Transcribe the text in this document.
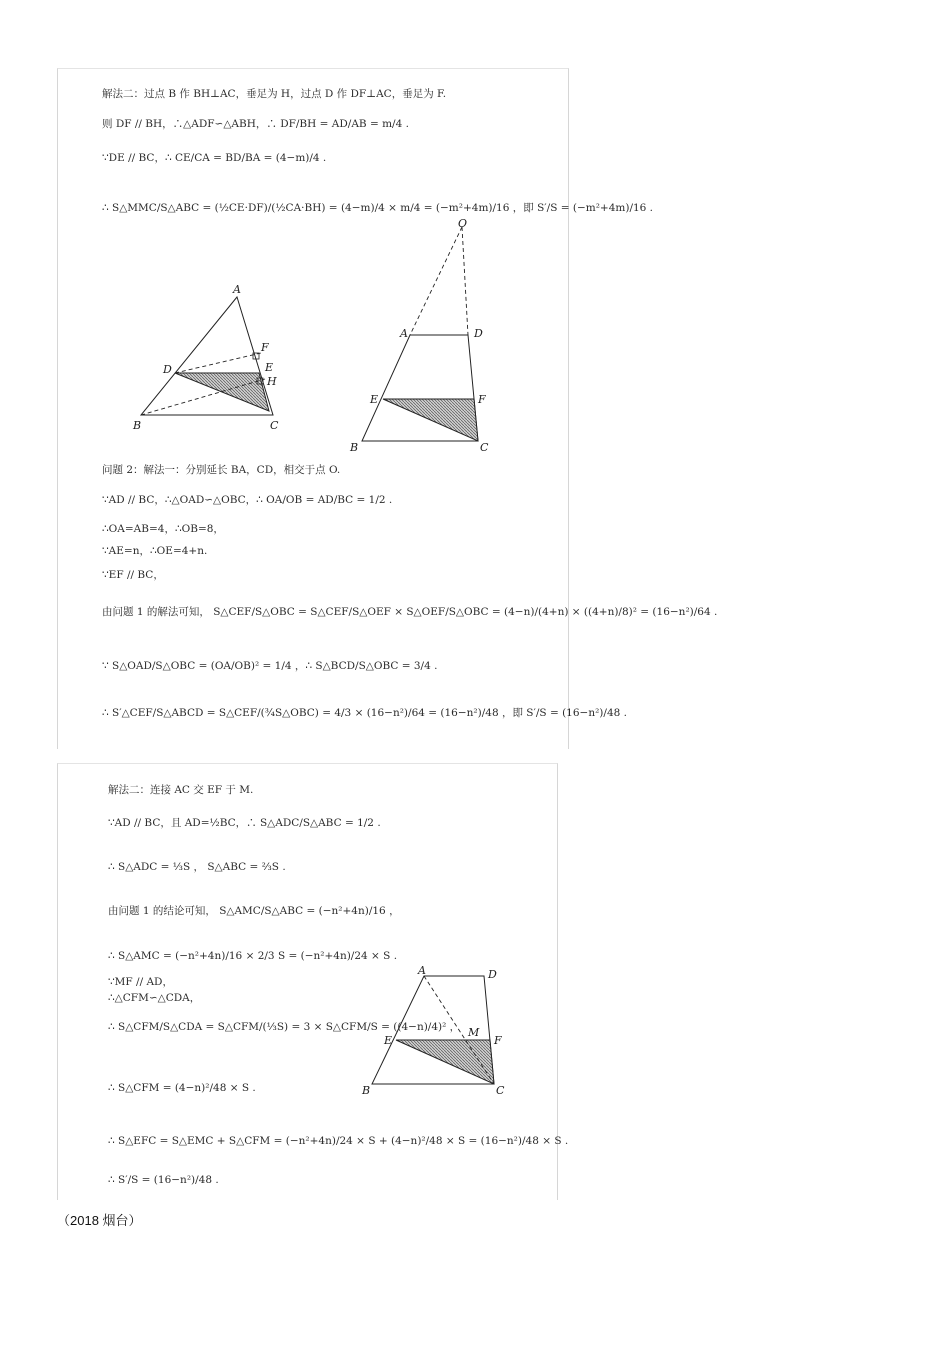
解法二：过点 B 作 BH⊥AC，垂足为 H，过点 D 作 DF⊥AC，垂足为 F.
则 DF // BH，∴△ADF∽△ABH，∴ DF/BH = AD/AB = m/4 .
∵DE // BC，∴ CE/CA = BD/BA = (4−m)/4 .
∴ S△MMC/S△ABC = (½CE·DF)/(½CA·BH) = (4−m)/4 × m/4 = (−m²+4m)/16 ，即 S′/S = (−m²+4m)/16 .
A
D
F
E
H
B	C
O
A	D
E	F
B	C
问题 2：解法一：分别延长 BA，CD，相交于点 O.
∵AD // BC，∴△OAD∽△OBC，∴ OA/OB = AD/BC = 1/2 .
∴OA=AB=4，∴OB=8，
∵AE=n，∴OE=4+n.
∵EF // BC，
由问题 1 的解法可知， S△CEF/S△OBC = S△CEF/S△OEF × S△OEF/S△OBC = (4−n)/(4+n) × ((4+n)/8)² = (16−n²)/64 .
∵ S△OAD/S△OBC = (OA/OB)² = 1/4 ，∴ S△BCD/S△OBC = 3/4 .
∴ S′△CEF/S△ABCD = S△CEF/(¾S△OBC) = 4/3 × (16−n²)/64 = (16−n²)/48 ，即 S′/S = (16−n²)/48 .
解法二：连接 AC 交 EF 于 M.
∵AD // BC，且 AD=½BC，∴ S△ADC/S△ABC = 1/2 .
∴ S△ADC = ⅓S ， S△ABC = ⅔S .
由问题 1 的结论可知， S△AMC/S△ABC = (−n²+4n)/16 ，
∴ S△AMC = (−n²+4n)/16 × 2/3 S = (−n²+4n)/24 × S .
∵MF // AD，
∴△CFM∽△CDA，
∴ S△CFM/S△CDA = S△CFM/(⅓S) = 3 × S△CFM/S = ((4−n)/4)² ，
∴ S△CFM = (4−n)²/48 × S .
∴ S△EFC = S△EMC + S△CFM = (−n²+4n)/24 × S + (4−n)²/48 × S = (16−n²)/48 × S .
∴ S′/S = (16−n²)/48 .
A	D
M
E	F
B	C
（2018 烟台）
